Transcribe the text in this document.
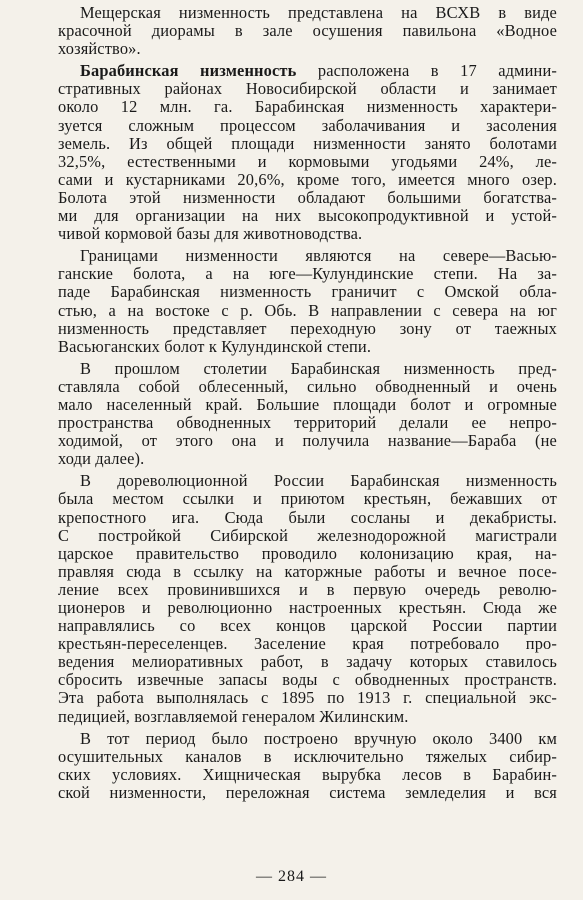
Мещерская низменность представлена на ВСХВ в виде
красочной диорамы в зале осушения павильона «Водное
хозяйство».
Барабинская низменность расположена в 17 админи-
стративных районах Новосибирской области и занимает
около 12 млн. га. Барабинская низменность характери-
зуется сложным процессом заболачивания и засоления
земель. Из общей площади низменности занято болотами
32,5%, естественными и кормовыми угодьями 24%, ле-
сами и кустарниками 20,6%, кроме того, имеется много озер.
Болота этой низменности обладают большими богатства-
ми для организации на них высокопродуктивной и устой-
чивой кормовой базы для животноводства.
Границами низменности являются на севере—Васью-
ганские болота, а на юге—Кулундинские степи. На за-
паде Барабинская низменность граничит с Омской обла-
стью, а на востоке с р. Обь. В направлении с севера на юг
низменность представляет переходную зону от таежных
Васьюганских болот к Кулундинской степи.
В прошлом столетии Барабинская низменность пред-
ставляла собой облесенный, сильно обводненный и очень
мало населенный край. Большие площади болот и огромные
пространства обводненных территорий делали ее непро-
ходимой, от этого она и получила название—Бараба (не
ходи далее).
В дореволюционной России Барабинская низменность
была местом ссылки и приютом крестьян, бежавших от
крепостного ига. Сюда были сосланы и декабристы.
С постройкой Сибирской железнодорожной магистрали
царское правительство проводило колонизацию края, на-
правляя сюда в ссылку на каторжные работы и вечное посе-
ление всех провинившихся и в первую очередь револю-
ционеров и революционно настроенных крестьян. Сюда же
направлялись со всех концов царской России партии
крестьян-переселенцев. Заселение края потребовало про-
ведения мелиоративных работ, в задачу которых ставилось
сбросить извечные запасы воды с обводненных пространств.
Эта работа выполнялась с 1895 по 1913 г. специальной экс-
педицией, возглавляемой генералом Жилинским.
В тот период было построено вручную около 3400 км
осушительных каналов в исключительно тяжелых сибир-
ских условиях. Хищническая вырубка лесов в Барабин-
ской низменности, переложная система земледелия и вся
— 284 —
